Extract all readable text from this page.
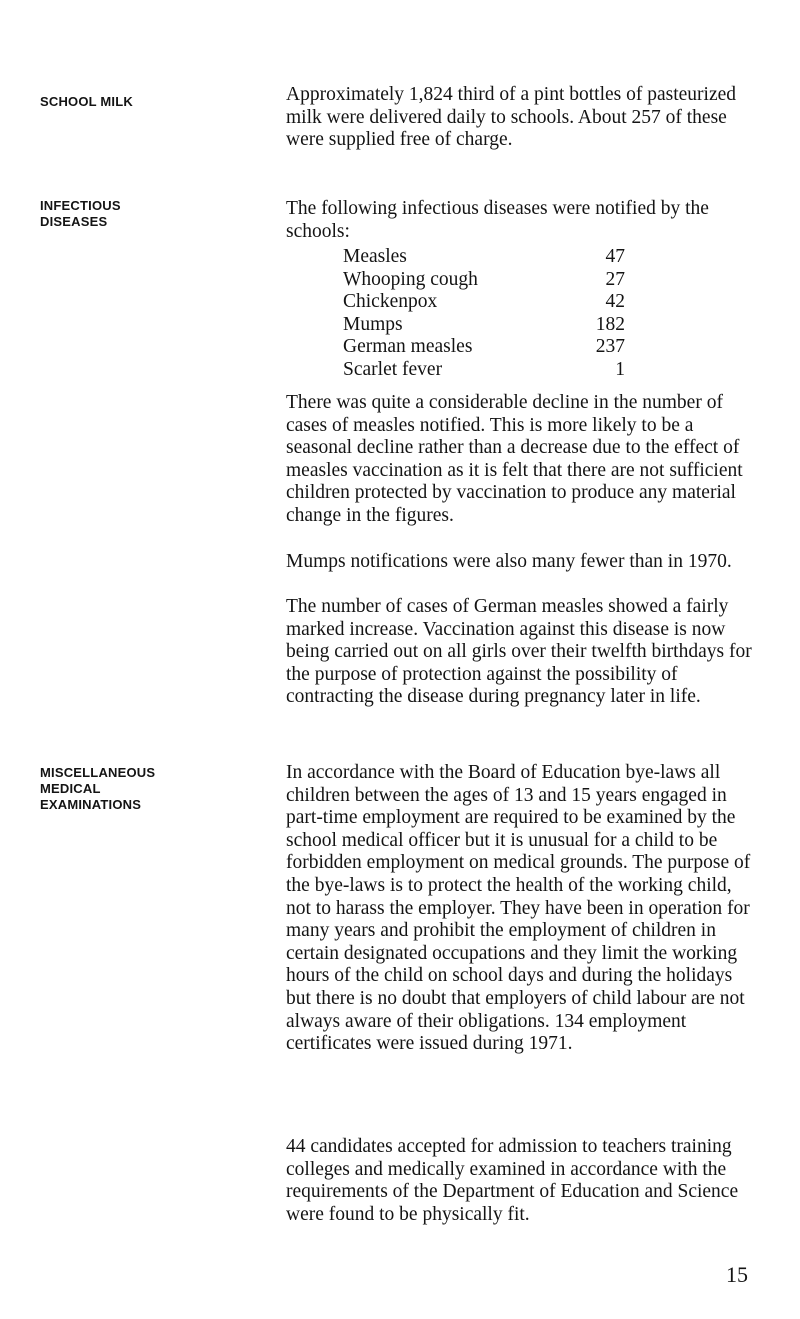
SCHOOL MILK	Approximately 1,824 third of a pint bottles of pasteurized milk were delivered daily to schools. About 257 of these were supplied free of charge.

INFECTIOUS
DISEASES

The following infectious diseases were notified by the schools:

Measles	47
Whooping cough	27
Chickenpox	42
Mumps	182
German measles	237
Scarlet fever	1

There was quite a considerable decline in the number of cases of measles notified. This is more likely to be a seasonal decline rather than a decrease due to the effect of measles vaccination as it is felt that there are not sufficient children protected by vaccination to produce any material change in the figures.

Mumps notifications were also many fewer than in 1970.

The number of cases of German measles showed a fairly marked increase. Vaccination against this disease is now being carried out on all girls over their twelfth birthdays for the purpose of protection against the possibility of contracting the disease during pregnancy later in life.

MISCELLANEOUS
MEDICAL
EXAMINATIONS

In accordance with the Board of Education bye-laws all children between the ages of 13 and 15 years engaged in part-time employment are required to be examined by the school medical officer but it is unusual for a child to be forbidden employment on medical grounds. The purpose of the bye-laws is to protect the health of the working child, not to harass the employer. They have been in operation for many years and prohibit the employment of children in certain designated occupations and they limit the working hours of the child on school days and during the holidays but there is no doubt that employers of child labour are not always aware of their obligations. 134 employment certificates were issued during 1971.

44 candidates accepted for admission to teachers training colleges and medically examined in accordance with the requirements of the Department of Education and Science were found to be physically fit.

15
